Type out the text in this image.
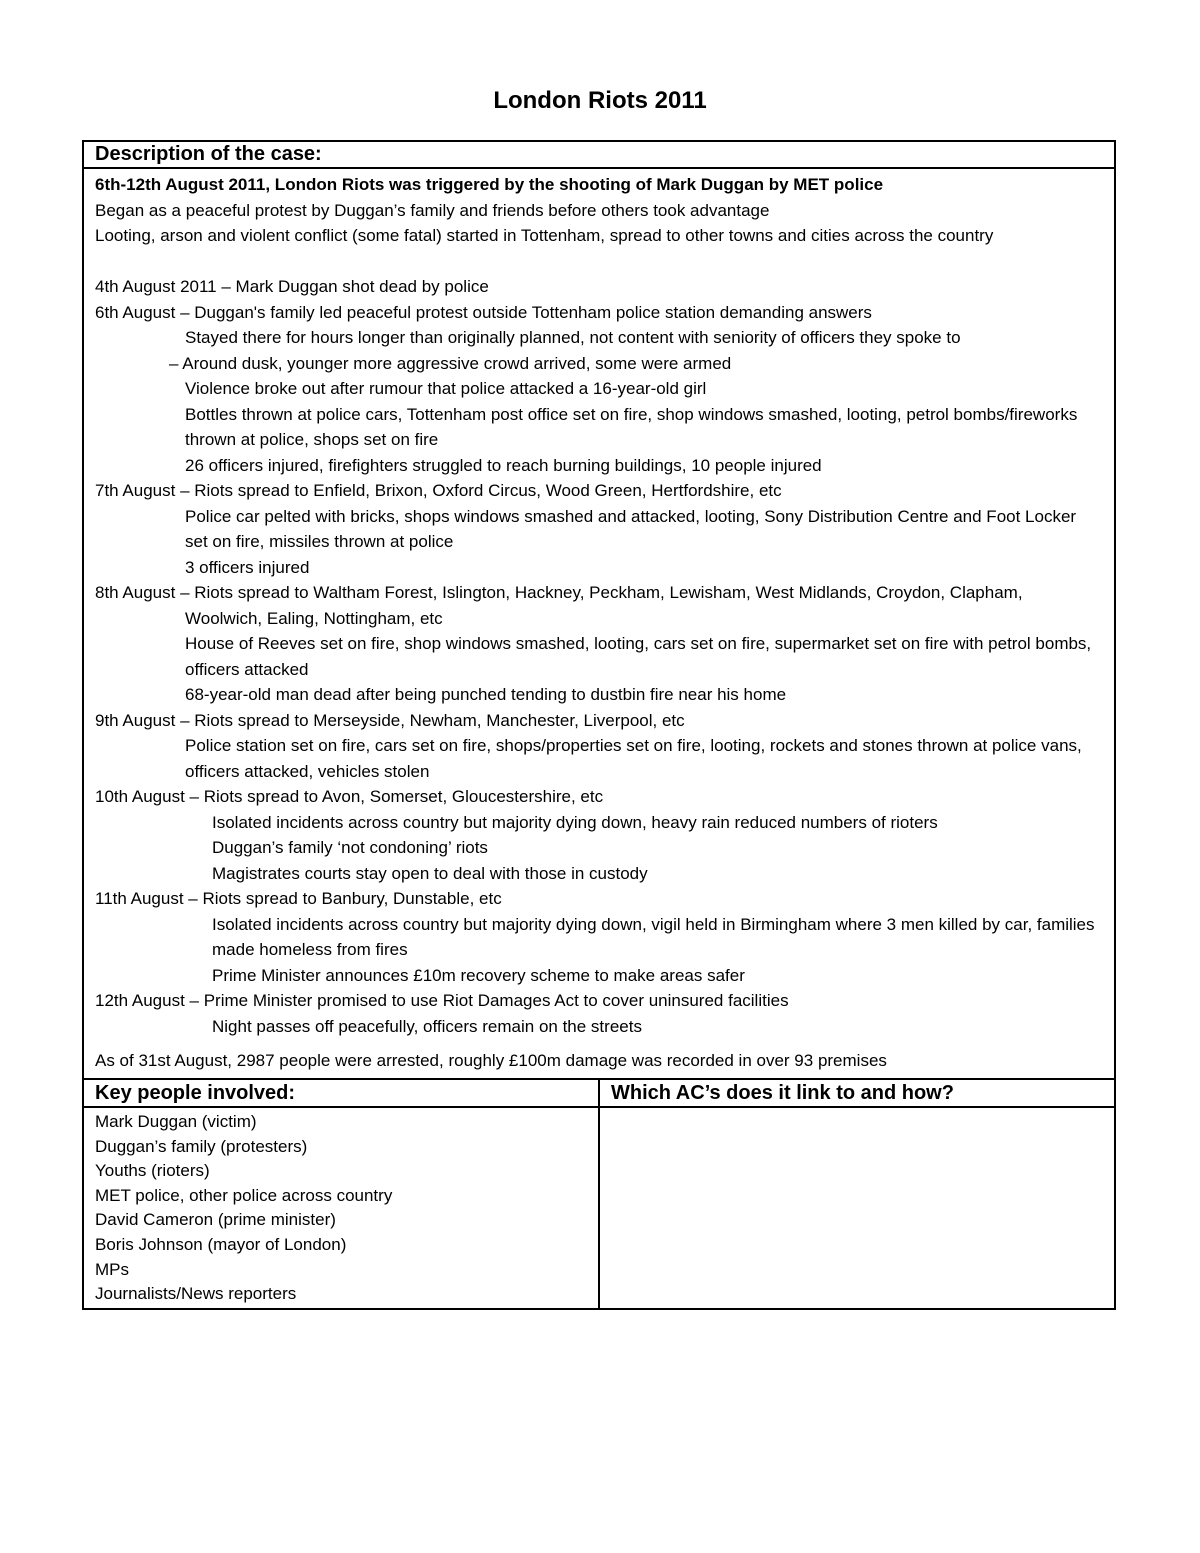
London Riots 2011
Description of the case:
6th-12th August 2011, London Riots was triggered by the shooting of Mark Duggan by MET police
Began as a peaceful protest by Duggan’s family and friends before others took advantage
Looting, arson and violent conflict (some fatal) started in Tottenham, spread to other towns and cities across the country
4th August 2011 – Mark Duggan shot dead by police
6th August – Duggan's family led peaceful protest outside Tottenham police station demanding answers
Stayed there for hours longer than originally planned, not content with seniority of officers they spoke to
– Around dusk, younger more aggressive crowd arrived, some were armed
Violence broke out after rumour that police attacked a 16-year-old girl
Bottles thrown at police cars, Tottenham post office set on fire, shop windows smashed, looting, petrol bombs/fireworks thrown at police, shops set on fire
26 officers injured, firefighters struggled to reach burning buildings, 10 people injured
7th August – Riots spread to Enfield, Brixon, Oxford Circus, Wood Green, Hertfordshire, etc
Police car pelted with bricks, shops windows smashed and attacked, looting, Sony Distribution Centre and Foot Locker set on fire, missiles thrown at police
3 officers injured
8th August – Riots spread to Waltham Forest, Islington, Hackney, Peckham, Lewisham, West Midlands, Croydon, Clapham, Woolwich, Ealing, Nottingham, etc
House of Reeves set on fire, shop windows smashed, looting, cars set on fire, supermarket set on fire with petrol bombs, officers attacked
68-year-old man dead after being punched tending to dustbin fire near his home
9th August – Riots spread to Merseyside, Newham, Manchester, Liverpool, etc
Police station set on fire, cars set on fire, shops/properties set on fire, looting, rockets and stones thrown at police vans, officers attacked, vehicles stolen
10th August – Riots spread to Avon, Somerset, Gloucestershire, etc
Isolated incidents across country but majority dying down, heavy rain reduced numbers of rioters
Duggan’s family ‘not condoning’ riots
Magistrates courts stay open to deal with those in custody
11th August – Riots spread to Banbury, Dunstable, etc
Isolated incidents across country but majority dying down, vigil held in Birmingham where 3 men killed by car, families made homeless from fires
Prime Minister announces £10m recovery scheme to make areas safer
12th August – Prime Minister promised to use Riot Damages Act to cover uninsured facilities
Night passes off peacefully, officers remain on the streets
As of 31st August, 2987 people were arrested, roughly £100m damage was recorded in over 93 premises
Key people involved:	Which AC’s does it link to and how?
Mark Duggan (victim)
Duggan’s family (protesters)
Youths (rioters)
MET police, other police across country
David Cameron (prime minister)
Boris Johnson (mayor of London)
MPs
Journalists/News reporters
